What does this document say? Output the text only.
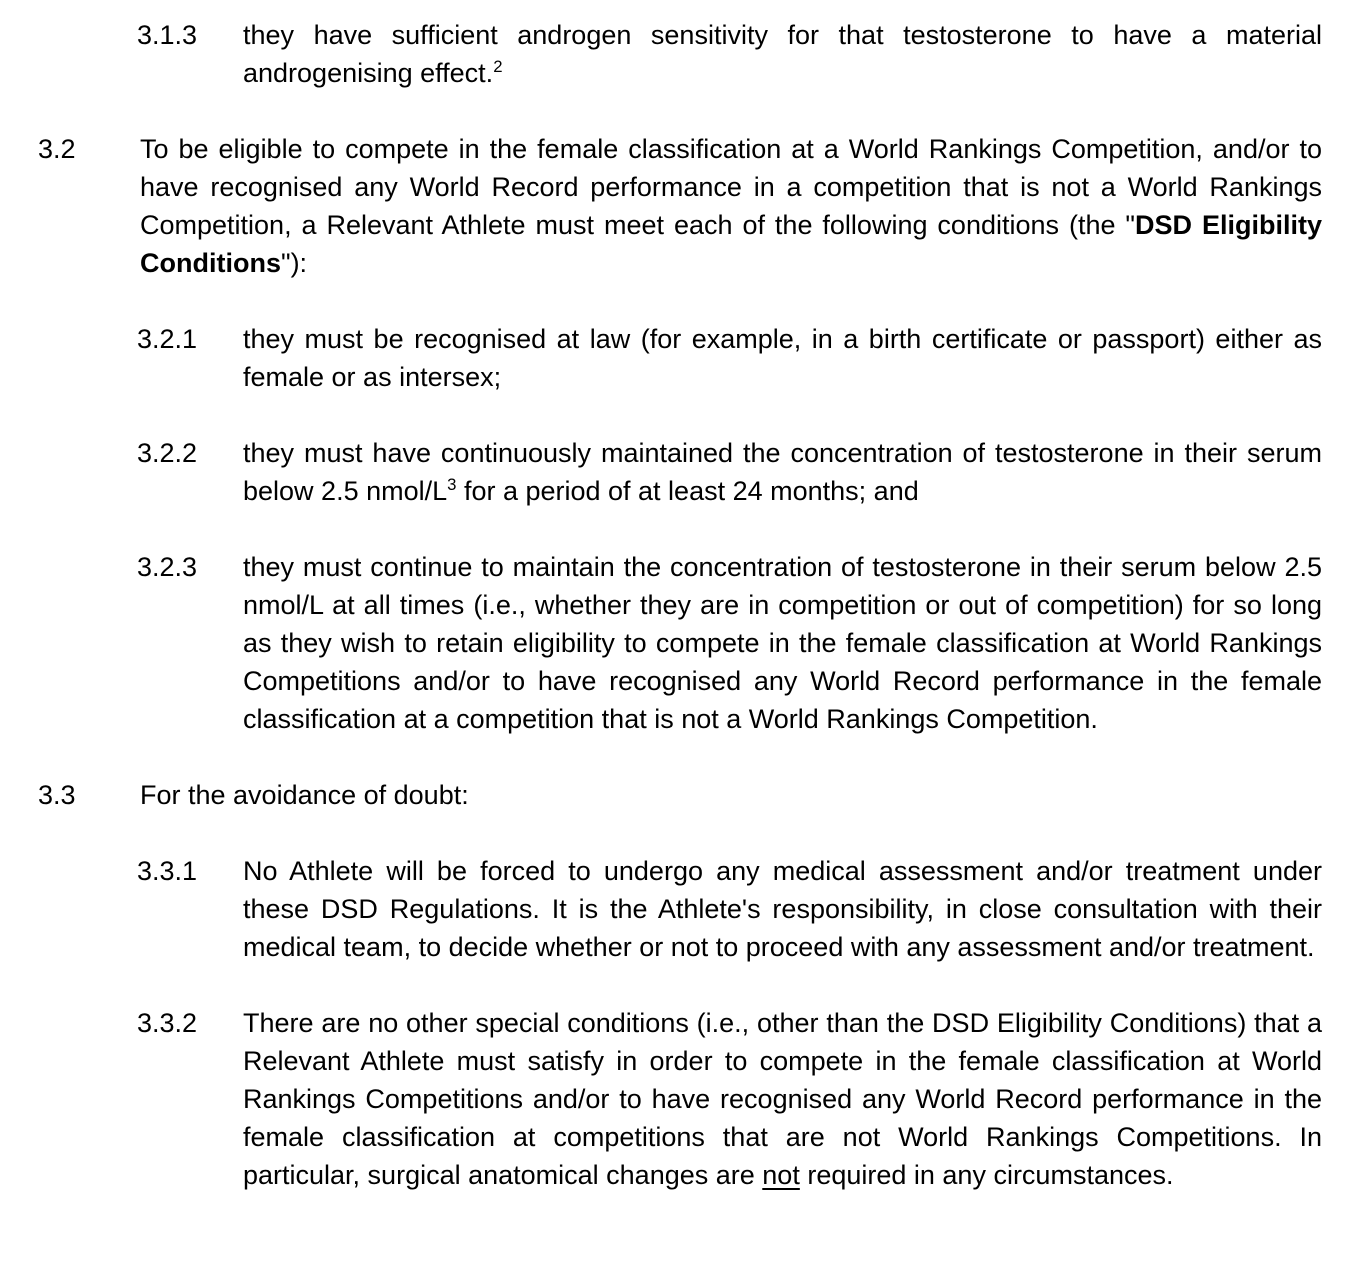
3.1.3	they have sufficient androgen sensitivity for that testosterone to have a material androgenising effect.$^2$

3.2	To be eligible to compete in the female classification at a World Rankings Competition, and/or to have recognised any World Record performance in a competition that is not a World Rankings Competition, a Relevant Athlete must meet each of the following conditions (the "DSD Eligibility Conditions"):

3.2.1	they must be recognised at law (for example, in a birth certificate or passport) either as female or as intersex;

3.2.2	they must have continuously maintained the concentration of testosterone in their serum below 2.5 nmol/$L^3$ for a period of at least 24 months; and

3.2.3	they must continue to maintain the concentration of testosterone in their serum below 2.5 nmol/L at all times (i.e., whether they are in competition or out of competition) for so long as they wish to retain eligibility to compete in the female classification at World Rankings Competitions and/or to have recognised any World Record performance in the female classification at a competition that is not a World Rankings Competition.

3.3	For the avoidance of doubt:

3.3.1	No Athlete will be forced to undergo any medical assessment and/or treatment under these DSD Regulations. It is the Athlete's responsibility, in close consultation with their medical team, to decide whether or not to proceed with any assessment and/or treatment.

3.3.2	There are no other special conditions (i.e., other than the DSD Eligibility Conditions) that a Relevant Athlete must satisfy in order to compete in the female classification at World Rankings Competitions and/or to have recognised any World Record performance in the female classification at competitions that are not World Rankings Competitions. In particular, surgical anatomical changes are not required in any circumstances.
